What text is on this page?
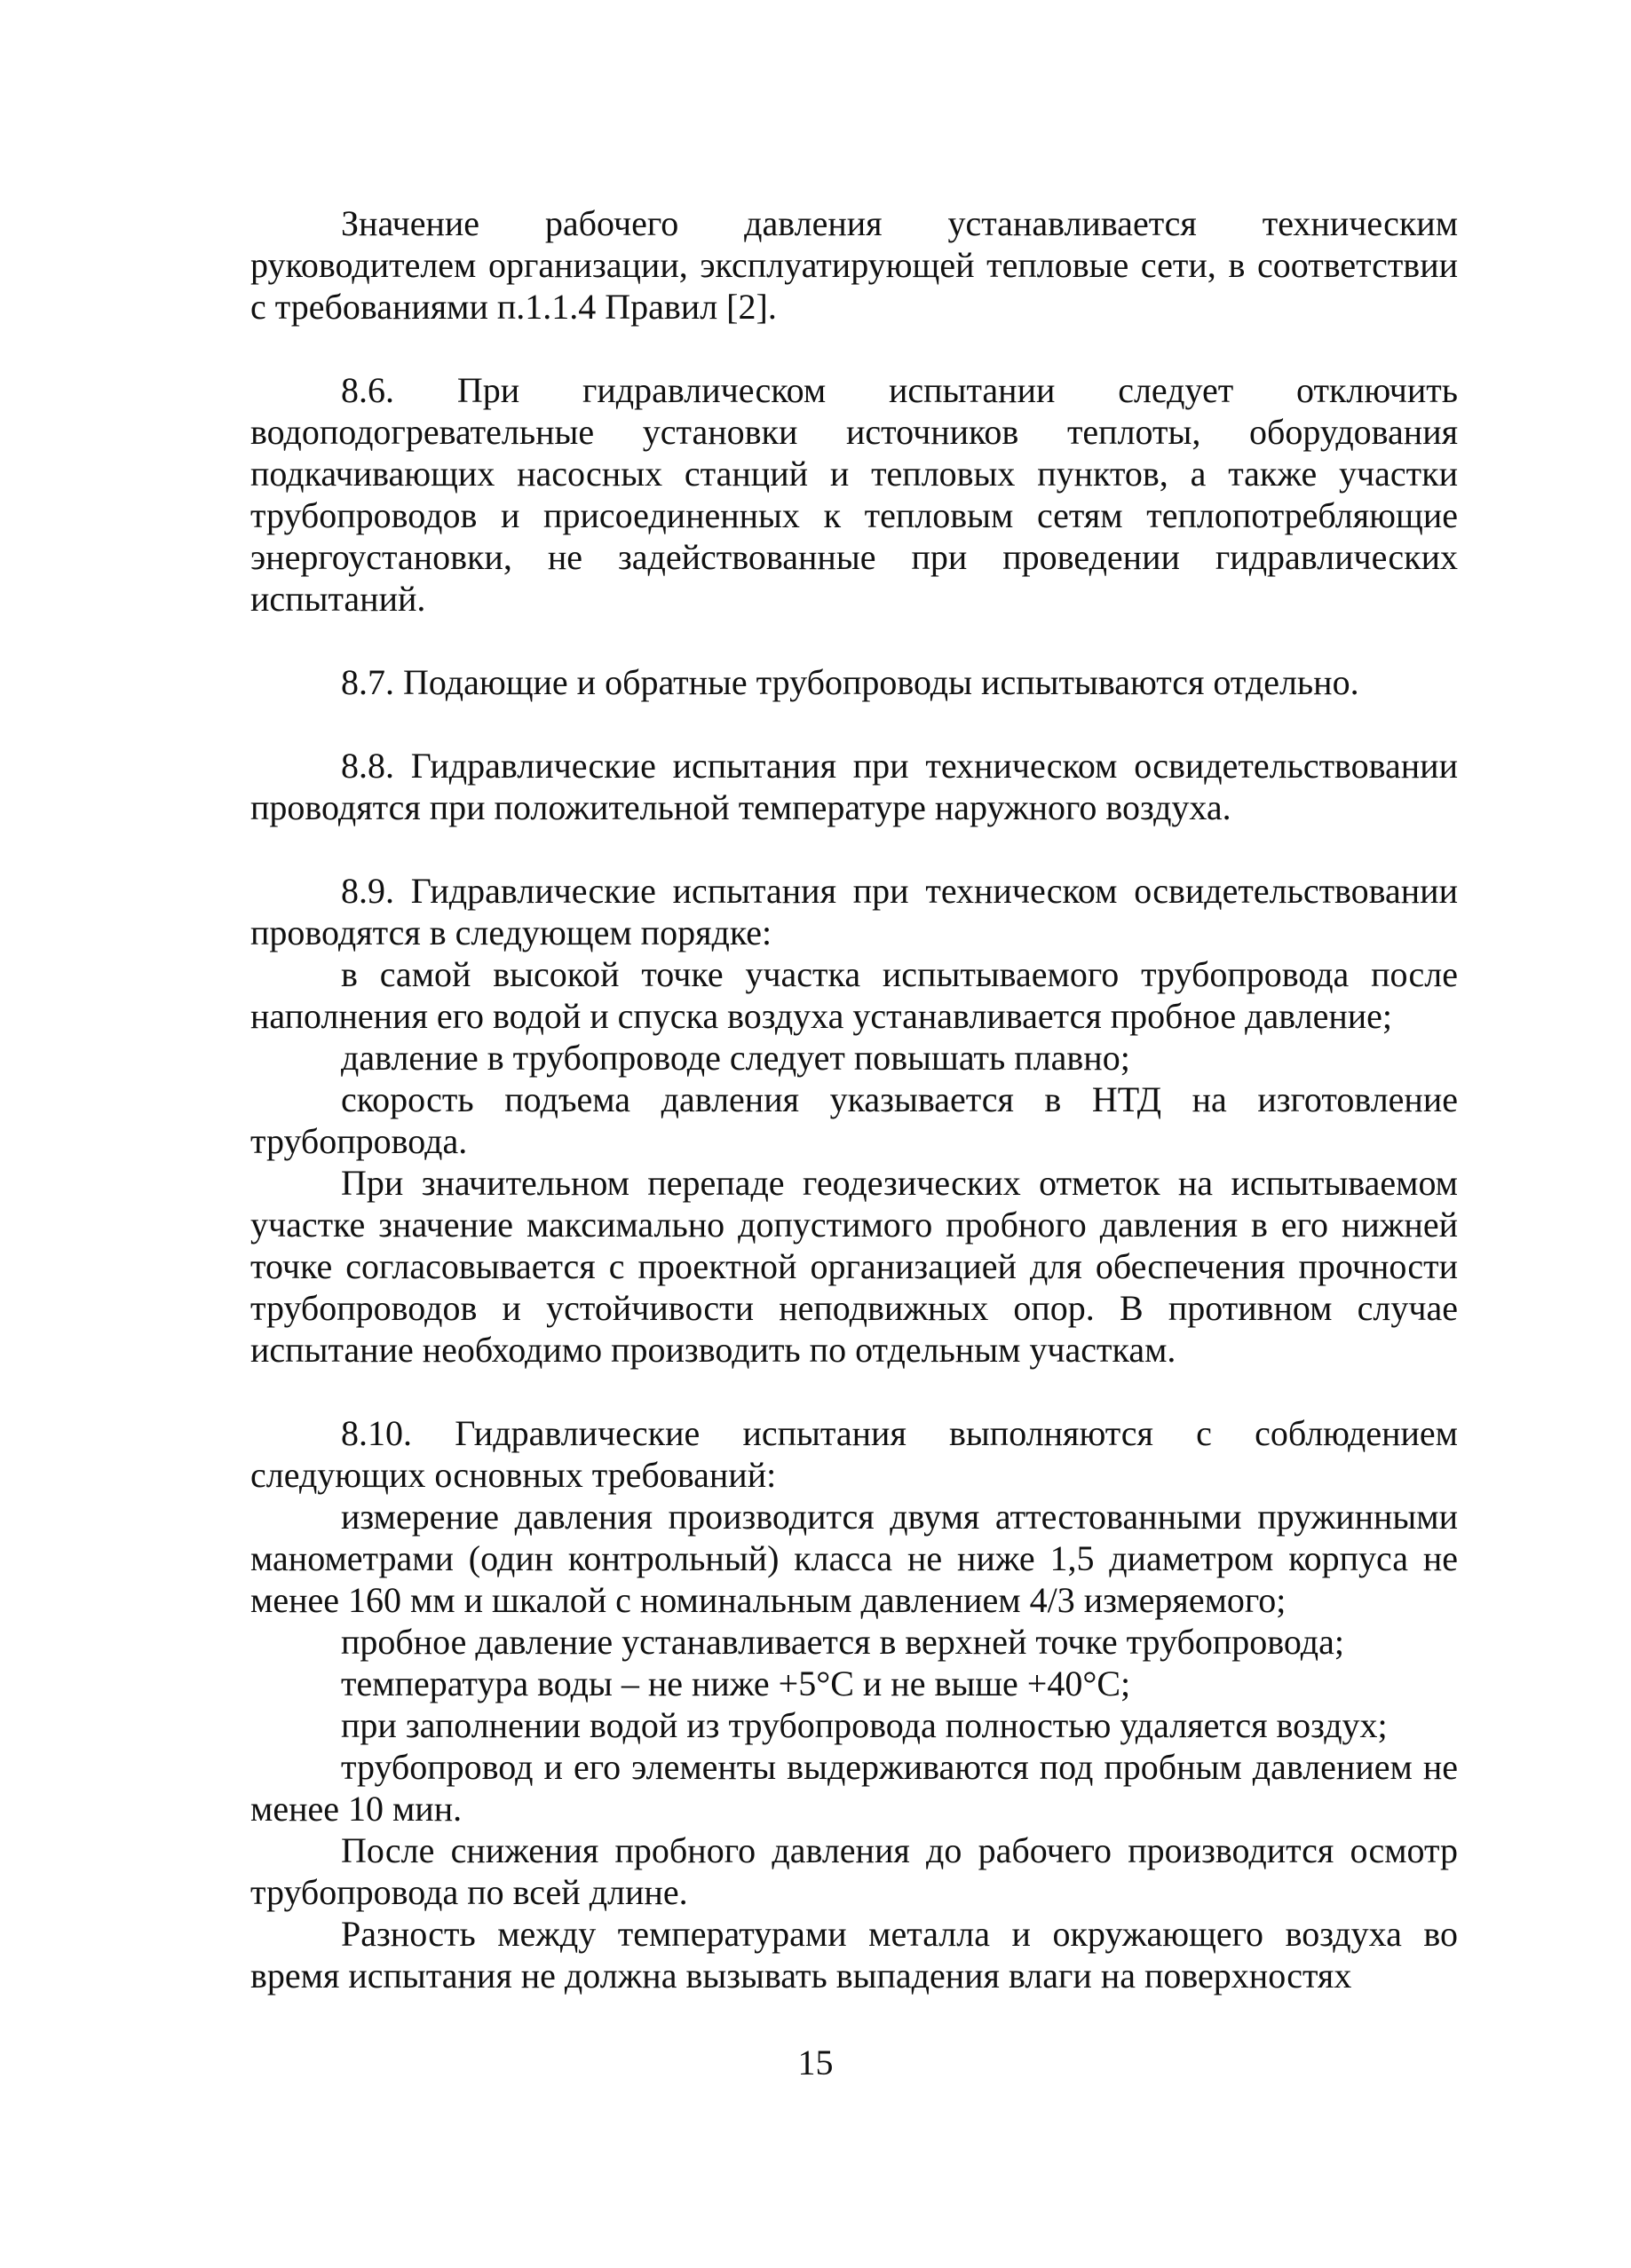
Значение рабочего давления устанавливается техническим руководителем организации, эксплуатирующей тепловые сети, в соответствии с требованиями п.1.1.4 Правил [2].

8.6. При гидравлическом испытании следует отключить водоподогревательные установки источников теплоты, оборудования подкачивающих насосных станций и тепловых пунктов, а также участки трубопроводов и присоединенных к тепловым сетям теплопотребляющие энергоустановки, не задействованные при проведении гидравлических испытаний.

8.7. Подающие и обратные трубопроводы испытываются отдельно.

8.8. Гидравлические испытания при техническом освидетельствовании проводятся при положительной температуре наружного воздуха.

8.9. Гидравлические испытания при техническом освидетельствовании проводятся в следующем порядке:

в самой высокой точке участка испытываемого трубопровода после наполнения его водой и спуска воздуха устанавливается пробное давление;

давление в трубопроводе следует повышать плавно;

скорость подъема давления указывается в НТД на изготовление трубопровода.

При значительном перепаде геодезических отметок на испытываемом участке значение максимально допустимого пробного давления в его нижней точке согласовывается с проектной организацией для обеспечения прочности трубопроводов и устойчивости неподвижных опор. В противном случае испытание необходимо производить по отдельным участкам.

8.10. Гидравлические испытания выполняются с соблюдением следующих основных требований:

измерение давления производится двумя аттестованными пружинными манометрами (один контрольный) класса не ниже 1,5 диаметром корпуса не менее 160 мм и шкалой с номинальным давлением 4/3 измеряемого;

пробное давление устанавливается в верхней точке трубопровода;

температура воды – не ниже +5°C и не выше +40°C;

при заполнении водой из трубопровода полностью удаляется воздух;

трубопровод и его элементы выдерживаются под пробным давлением не менее 10 мин.

После снижения пробного давления до рабочего производится осмотр трубопровода по всей длине.

Разность между температурами металла и окружающего воздуха во время испытания не должна вызывать выпадения влаги на поверхностях

15
